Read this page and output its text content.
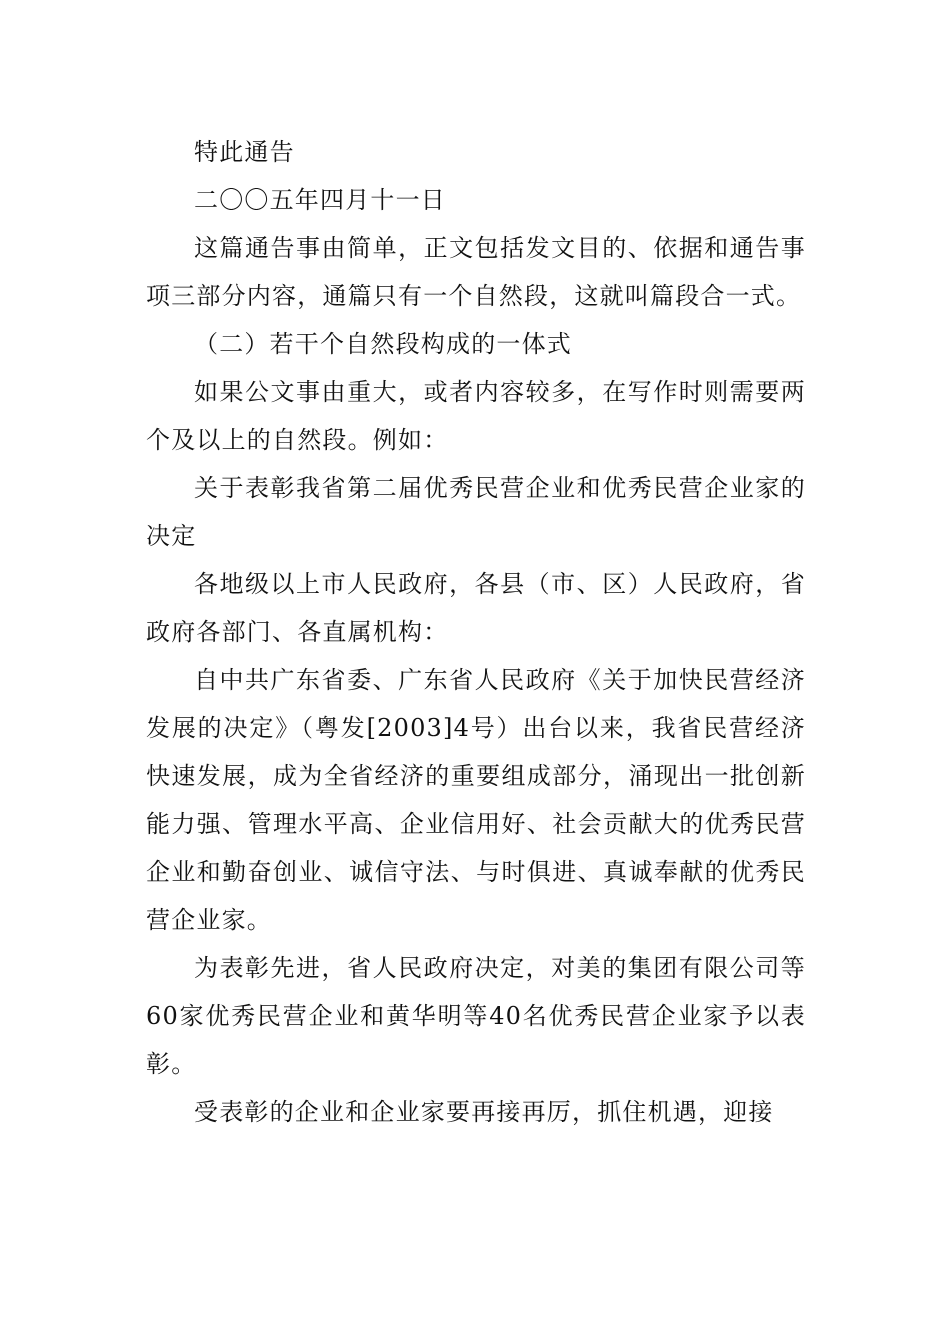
特此通告

二〇〇五年四月十一日

这篇通告事由简单，正文包括发文目的、依据和通告事项三部分内容，通篇只有一个自然段，这就叫篇段合一式。

（二）若干个自然段构成的一体式

如果公文事由重大，或者内容较多，在写作时则需要两个及以上的自然段。例如：

关于表彰我省第二届优秀民营企业和优秀民营企业家的决定

各地级以上市人民政府，各县（市、区）人民政府，省政府各部门、各直属机构：

自中共广东省委、广东省人民政府《关于加快民营经济发展的决定》（粤发[2003]4号）出台以来，我省民营经济快速发展，成为全省经济的重要组成部分，涌现出一批创新能力强、管理水平高、企业信用好、社会贡献大的优秀民营企业和勤奋创业、诚信守法、与时俱进、真诚奉献的优秀民营企业家。

为表彰先进，省人民政府决定，对美的集团有限公司等60家优秀民营企业和黄华明等40名优秀民营企业家予以表彰。

受表彰的企业和企业家要再接再厉，抓住机遇，迎接
